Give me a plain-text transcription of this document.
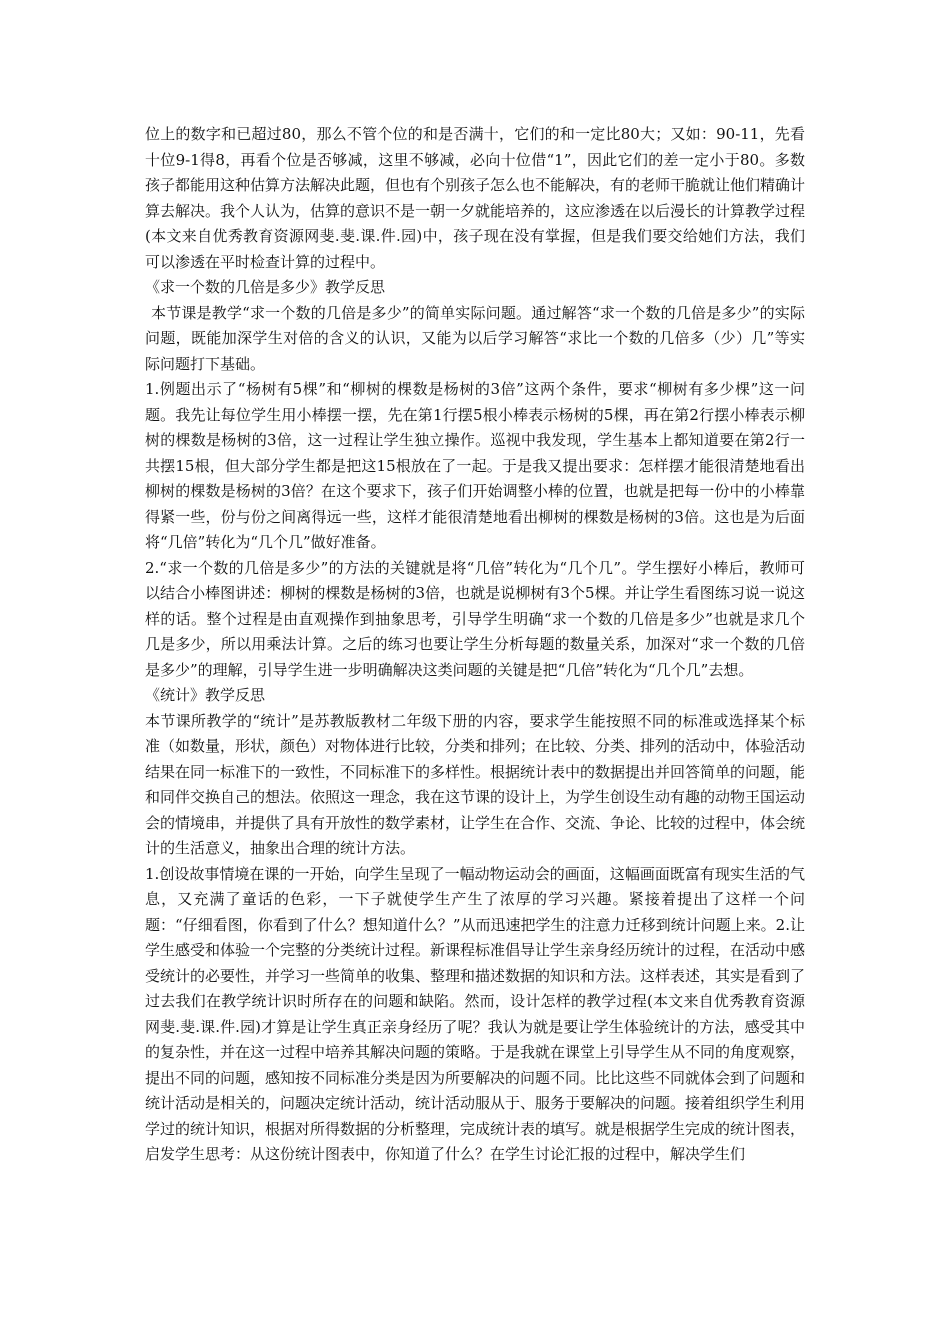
位上的数字和已超过80，那么不管个位的和是否满十，它们的和一定比80大；又如：90-11，先看十位9-1得8，再看个位是否够减，这里不够减，必向十位借“1”，因此它们的差一定小于80。多数孩子都能用这种估算方法解决此题，但也有个别孩子怎么也不能解决，有的老师干脆就让他们精确计算去解决。我个人认为，估算的意识不是一朝一夕就能培养的，这应渗透在以后漫长的计算教学过程(本文来自优秀教育资源网斐.斐.课.件.园)中，孩子现在没有掌握，但是我们要交给她们方法，我们可以渗透在平时检查计算的过程中。

《求一个数的几倍是多少》教学反思

本节课是教学“求一个数的几倍是多少”的简单实际问题。通过解答“求一个数的几倍是多少”的实际问题，既能加深学生对倍的含义的认识，又能为以后学习解答“求比一个数的几倍多（少）几”等实际问题打下基础。

1.例题出示了“杨树有5棵”和“柳树的棵数是杨树的3倍”这两个条件，要求“柳树有多少棵”这一问题。我先让每位学生用小棒摆一摆，先在第1行摆5根小棒表示杨树的5棵，再在第2行摆小棒表示柳树的棵数是杨树的3倍，这一过程让学生独立操作。巡视中我发现，学生基本上都知道要在第2行一共摆15根，但大部分学生都是把这15根放在了一起。于是我又提出要求：怎样摆才能很清楚地看出柳树的棵数是杨树的3倍？在这个要求下，孩子们开始调整小棒的位置，也就是把每一份中的小棒靠得紧一些，份与份之间离得远一些，这样才能很清楚地看出柳树的棵数是杨树的3倍。这也是为后面将“几倍”转化为“几个几”做好准备。

2.“求一个数的几倍是多少”的方法的关键就是将“几倍”转化为“几个几”。学生摆好小棒后，教师可以结合小棒图讲述：柳树的棵数是杨树的3倍，也就是说柳树有3个5棵。并让学生看图练习说一说这样的话。整个过程是由直观操作到抽象思考，引导学生明确“求一个数的几倍是多少”也就是求几个几是多少，所以用乘法计算。之后的练习也要让学生分析每题的数量关系，加深对“求一个数的几倍是多少”的理解，引导学生进一步明确解决这类问题的关键是把“几倍”转化为“几个几”去想。

《统计》教学反思

本节课所教学的“统计”是苏教版教材二年级下册的内容，要求学生能按照不同的标准或选择某个标准（如数量，形状，颜色）对物体进行比较，分类和排列；在比较、分类、排列的活动中，体验活动结果在同一标准下的一致性，不同标准下的多样性。根据统计表中的数据提出并回答简单的问题，能和同伴交换自己的想法。依照这一理念，我在这节课的设计上，为学生创设生动有趣的动物王国运动会的情境串，并提供了具有开放性的数学素材，让学生在合作、交流、争论、比较的过程中，体会统计的生活意义，抽象出合理的统计方法。

1.创设故事情境在课的一开始，向学生呈现了一幅动物运动会的画面，这幅画面既富有现实生活的气息，又充满了童话的色彩，一下子就使学生产生了浓厚的学习兴趣。紧接着提出了这样一个问题：“仔细看图，你看到了什么？想知道什么？”从而迅速把学生的注意力迁移到统计问题上来。2.让学生感受和体验一个完整的分类统计过程。新课程标准倡导让学生亲身经历统计的过程，在活动中感受统计的必要性，并学习一些简单的收集、整理和描述数据的知识和方法。这样表述，其实是看到了过去我们在教学统计识时所存在的问题和缺陷。然而，设计怎样的教学过程(本文来自优秀教育资源网斐.斐.课.件.园)才算是让学生真正亲身经历了呢？我认为就是要让学生体验统计的方法，感受其中的复杂性，并在这一过程中培养其解决问题的策略。于是我就在课堂上引导学生从不同的角度观察，提出不同的问题，感知按不同标准分类是因为所要解决的问题不同。比比这些不同就体会到了问题和统计活动是相关的，问题决定统计活动，统计活动服从于、服务于要解决的问题。接着组织学生利用学过的统计知识，根据对所得数据的分析整理，完成统计表的填写。就是根据学生完成的统计图表，启发学生思考：从这份统计图表中，你知道了什么？在学生讨论汇报的过程中，解决学生们
